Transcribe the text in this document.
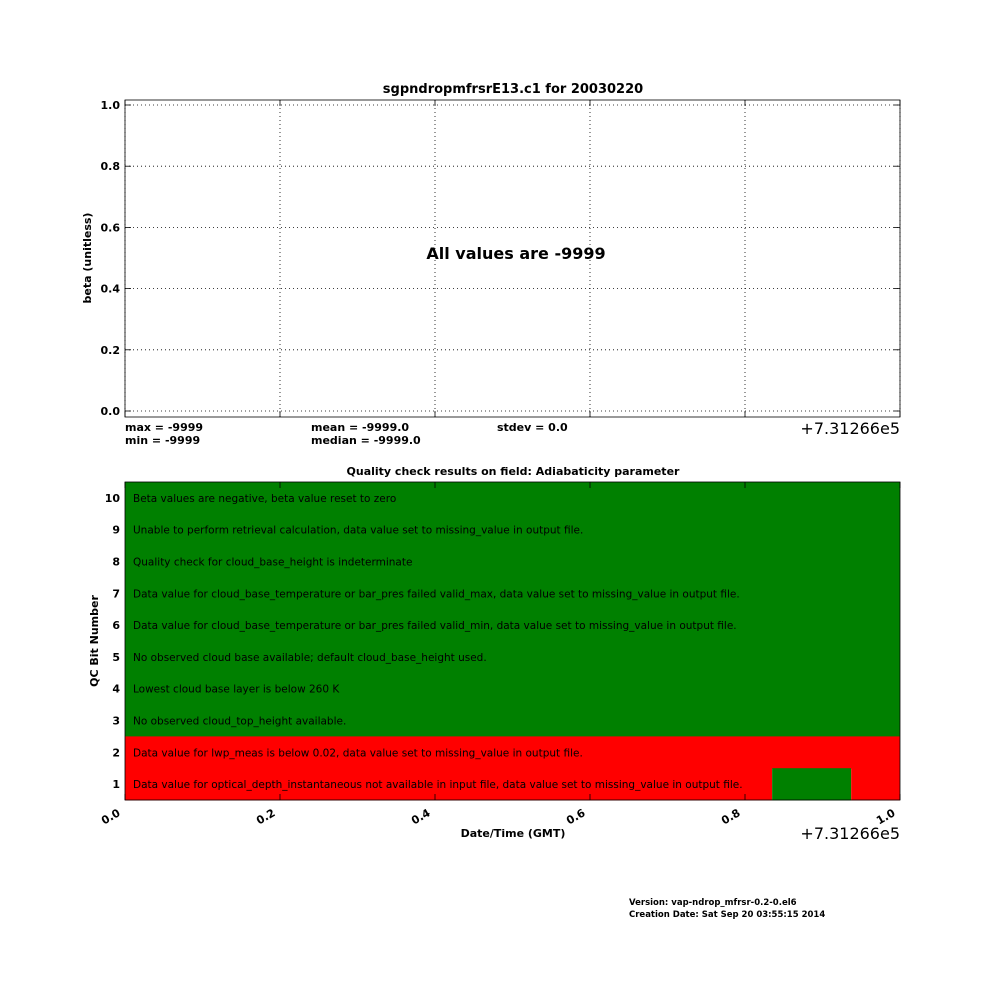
sgpndropmfrsrE13.c1 for 20030220
0.0
0.2
0.4
0.6
0.8
1.0
beta (unitless)	All values are -9999
+7.31266e5
max = -9999
min = -9999
mean = -9999.0
median = -9999.0
stdev = 0.0
Quality check results on field: Adiabaticity parameter
Beta values are negative, beta value reset to zero
Unable to perform retrieval calculation, data value set to missing_value in output file.
Quality check for cloud_base_height is indeterminate
Data value for cloud_base_temperature or bar_pres failed valid_max, data value set to missing_value in output file.
Data value for cloud_base_temperature or bar_pres failed valid_min, data value set to missing_value in output file.
No observed cloud base available; default cloud_base_height used.
Lowest cloud base layer is below 260 K
No observed cloud_top_height available.
Data value for lwp_meas is below 0.02, data value set to missing_value in output file.
Data value for optical_depth_instantaneous not available in input file, data value set to missing_value in output file.
10
9
8
7
6
5
4
3
2
1
0.0	0.2	0.4	0.6	0.8	1.0
QC Bit Number
Date/Time (GMT)	+7.31266e5
Version: vap-ndrop_mfrsr-0.2-0.el6
Creation Date: Sat Sep 20 03:55:15 2014
